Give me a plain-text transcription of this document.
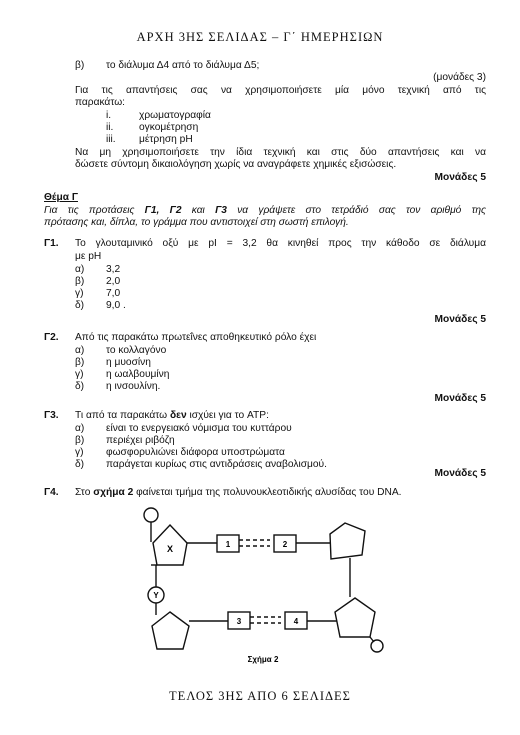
ΑΡΧΗ 3ΗΣ ΣΕΛΙΔΑΣ – Γ΄ ΗΜΕΡΗΣΙΩΝ
β) το διάλυμα Δ4 από το διάλυμα Δ5;
(μονάδες 3)
Για τις απαντήσεις σας να χρησιμοποιήσετε μία μόνο τεχνική από τις
παρακάτω:
i.	χρωματογραφία
ii.	ογκομέτρηση
iii. μέτρηση pH
Να μη χρησιμοποιήσετε την ίδια τεχνική και στις δύο απαντήσεις και να
δώσετε σύντομη δικαιολόγηση χωρίς να αναγράφετε χημικές εξισώσεις.
Μονάδες 5
Θέμα Γ
Για τις προτάσεις Γ1, Γ2 και Γ3 να γράψετε στο τετράδιό σας τον αριθμό της
πρότασης και, δίπλα, το γράμμα που αντιστοιχεί στη σωστή επιλογή.
Γ1. Το γλουταμινικό οξύ με pI = 3,2 θα κινηθεί προς την κάθοδο σε διάλυμα
με pH
α) 3,2
β) 2,0
γ) 7,0
δ) 9,0 .
Μονάδες 5
Γ2. Από τις παρακάτω πρωτεΐνες αποθηκευτικό ρόλο έχει
α) το κολλαγόνο
β) η μυοσίνη
γ) η ωαλβουμίνη
δ) η ινσουλίνη.
Μονάδες 5
Γ3. Τι από τα παρακάτω δεν ισχύει για το ATP:
α) είναι το ενεργειακό νόμισμα του κυττάρου
β) περιέχει ριβόζη
γ) φωσφορυλιώνει διάφορα υποστρώματα
δ) παράγεται κυρίως στις αντιδράσεις αναβολισμού.
Μονάδες 5
Γ4. Στο σχήμα 2 φαίνεται τμήμα της πολυνουκλεοτιδικής αλυσίδας του DNA.
X
Y
1	2
3	4
Σχήμα 2
ΤΕΛΟΣ 3ΗΣ ΑΠΟ 6 ΣΕΛΙΔΕΣ
